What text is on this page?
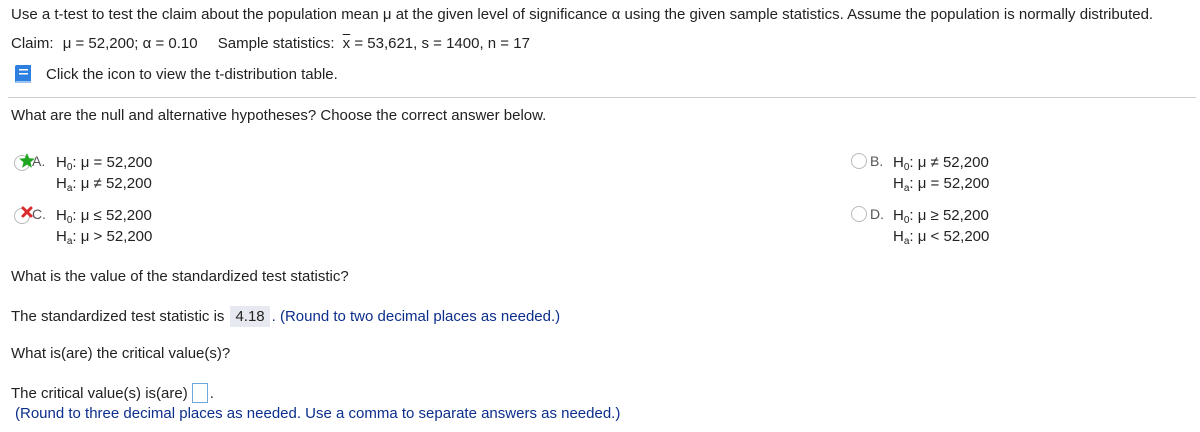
Use a t-test to test the claim about the population mean μ at the given level of significance α using the given sample statistics. Assume the population is normally distributed.
Claim: μ = 52,200; α = 0.10 Sample statistics: $\overline{x} = 53,621$, s = 1400, n = 17
Click the icon to view the t-distribution table.
What are the null and alternative hypotheses? Choose the correct answer below.
A. $H_0$: μ = 52,200
$H_a$: μ ≠ 52,200
B. $H_0$: μ ≠ 52,200
$H_a$: μ = 52,200
C. $H_0$: μ ≤ 52,200
$H_a$: μ > 52,200
D. $H_0$: μ ≥ 52,200
$H_a$: μ < 52,200
What is the value of the standardized test statistic?
The standardized test statistic is 4.18 . (Round to two decimal places as needed.)
What is(are) the critical value(s)?
The critical value(s) is(are) .
(Round to three decimal places as needed. Use a comma to separate answers as needed.)
